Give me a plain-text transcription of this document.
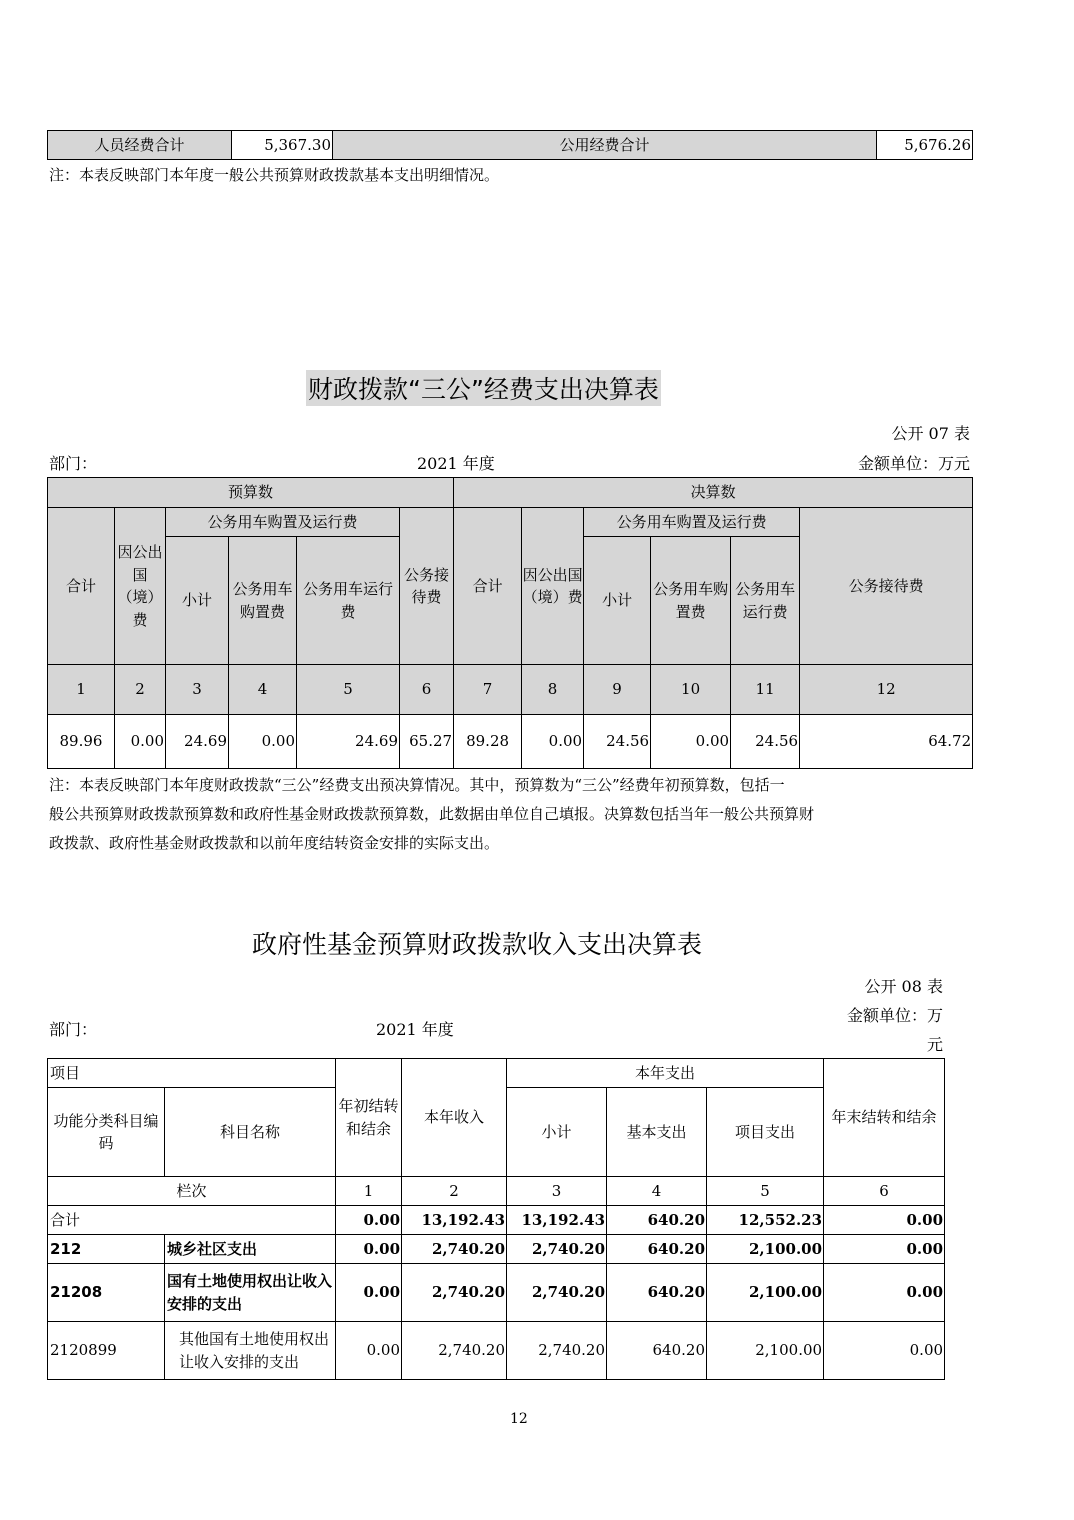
人员经费合计	5,367.30	公用经费合计	5,676.26
注：本表反映部门本年度一般公共预算财政拨款基本支出明细情况。
财政拨款“三公”经费支出决算表
公开 07 表
部门：	2021 年度	金额单位：万元
预算数						决算数					
合计	因公出国（境）费	公务用车购置及运行费			公务接待费	合计	因公出国（境）费	公务用车购置及运行费			公务接待费
		小计	公务用车购置费	公务用车运行费				小计	公务用车购置费	公务用车运行费	
1	2	3	4	5	6	7	8	9	10	11	12
89.96	0.00	24.69	0.00	24.69	65.27	89.28	0.00	24.56	0.00	24.56	64.72
注：本表反映部门本年度财政拨款“三公”经费支出预决算情况。其中，预算数为“三公”经费年初预算数，包括一
般公共预算财政拨款预算数和政府性基金财政拨款预算数，此数据由单位自己填报。决算数包括当年一般公共预算财
政拨款、政府性基金财政拨款和以前年度结转资金安排的实际支出。
政府性基金预算财政拨款收入支出决算表
公开 08 表
金额单位：万
元
部门：	2021 年度
项目		年初结转和结余	本年收入	本年支出			年末结转和结余
功能分类科目编码	科目名称			小计	基本支出	项目支出	
栏次		1	2	3	4	5	6
合计		0.00	13,192.43	13,192.43	640.20	12,552.23	0.00
212	城乡社区支出	0.00	2,740.20	2,740.20	640.20	2,100.00	0.00
21208	国有土地使用权出让收入安排的支出	0.00	2,740.20	2,740.20	640.20	2,100.00	0.00
2120899	其他国有土地使用权出让收入安排的支出	0.00	2,740.20	2,740.20	640.20	2,100.00	0.00
12
